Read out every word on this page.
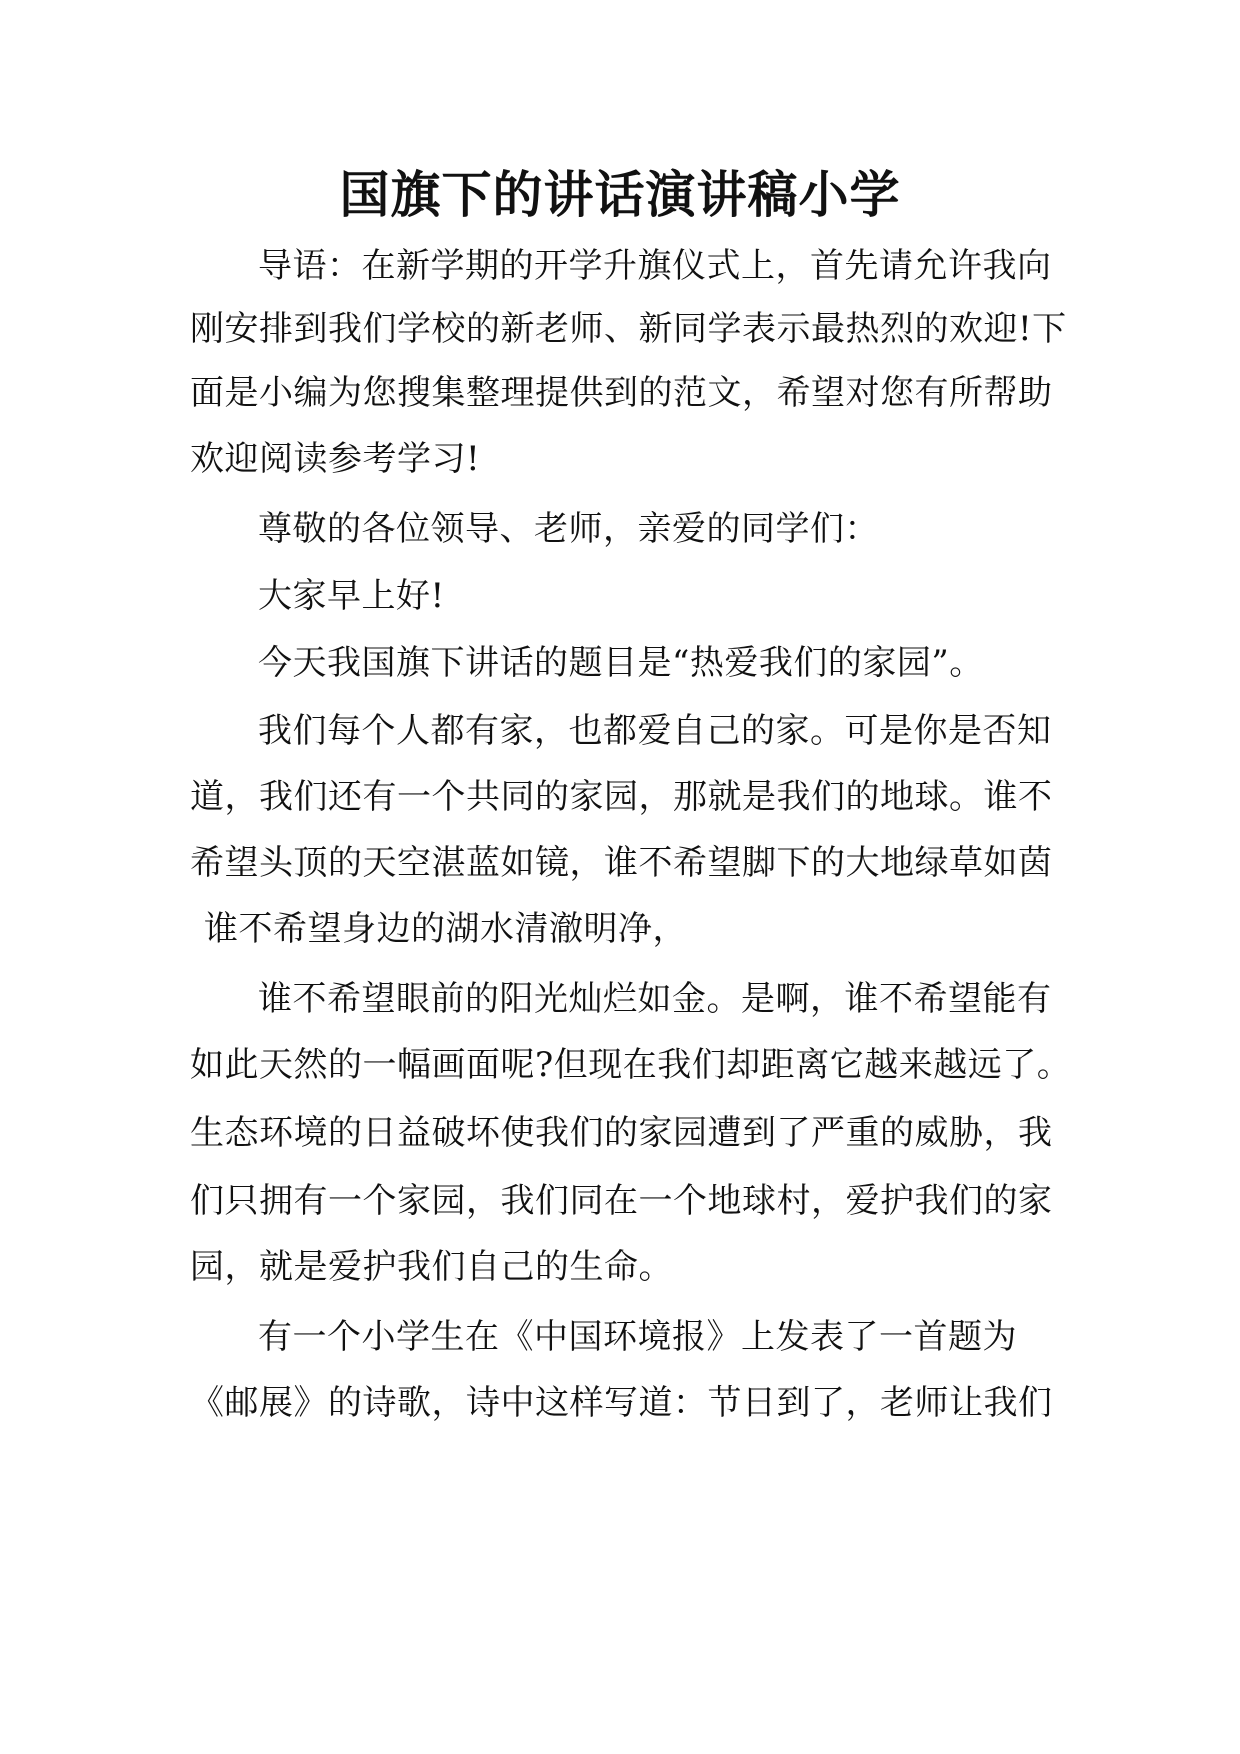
国旗下的讲话演讲稿小学

导语：在新学期的开学升旗仪式上，首先请允许我向

刚安排到我们学校的新老师、新同学表示最热烈的欢迎!下

面是小编为您搜集整理提供到的范文，希望对您有所帮助

欢迎阅读参考学习!

尊敬的各位领导、老师，亲爱的同学们：

大家早上好!

今天我国旗下讲话的题目是“热爱我们的家园”。

我们每个人都有家，也都爱自己的家。可是你是否知

道，我们还有一个共同的家园，那就是我们的地球。谁不

希望头顶的天空湛蓝如镜，谁不希望脚下的大地绿草如茵

谁不希望身边的湖水清澈明净，

谁不希望眼前的阳光灿烂如金。是啊，谁不希望能有

如此天然的一幅画面呢?但现在我们却距离它越来越远了。

生态环境的日益破坏使我们的家园遭到了严重的威胁，我

们只拥有一个家园，我们同在一个地球村，爱护我们的家

园，就是爱护我们自己的生命。

有一个小学生在《中国环境报》上发表了一首题为

《邮展》的诗歌，诗中这样写道：节日到了，老师让我们
